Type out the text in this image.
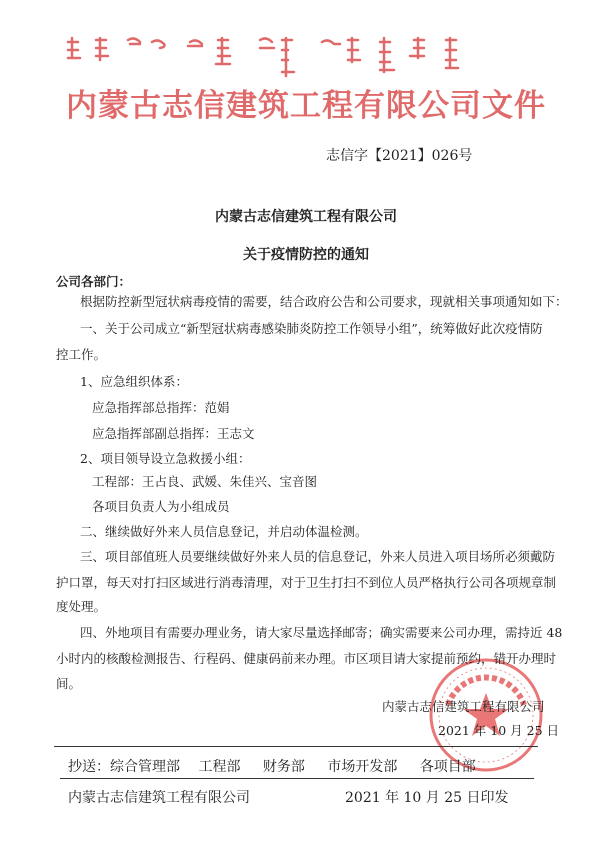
内蒙古志信建筑工程有限公司文件
志信字【2021】026号
内蒙古志信建筑工程有限公司
关于疫情防控的通知
公司各部门：
根据防控新型冠状病毒疫情的需要，结合政府公告和公司要求，现就相关事项通知如下：
一、关于公司成立“新型冠状病毒感染肺炎防控工作领导小组”，统筹做好此次疫情防
控工作。
1、应急组织体系：
应急指挥部总指挥：范娟
应急指挥部副总指挥：王志文
2、项目领导设立急救援小组：
工程部：王占良、武媛、朱佳兴、宝音图
各项目负责人为小组成员
二、继续做好外来人员信息登记，并启动体温检测。
三、项目部值班人员要继续做好外来人员的信息登记，外来人员进入项目场所必须戴防
护口罩，每天对打扫区域进行消毒清理，对于卫生打扫不到位人员严格执行公司各项规章制
度处理。
四、外地项目有需要办理业务，请大家尽量选择邮寄；确实需要来公司办理，需持近 48
小时内的核酸检测报告、行程码、健康码前来办理。市区项目请大家提前预约，错开办理时
间。
内蒙古志信建筑工程有限公司
2021 年 10 月 25 日
抄送：综合管理部 工程部 财务部 市场开发部 各项目部
内蒙古志信建筑工程有限公司	2021 年 10 月 25 日印发
